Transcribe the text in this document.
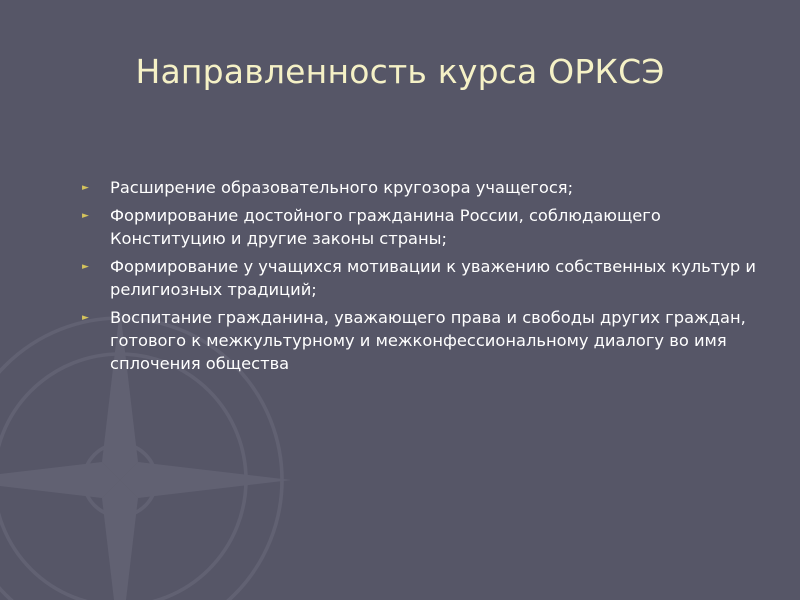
Направленность курса ОРКСЭ
► Расширение образовательного кругозора учащегося;
► Формирование достойного гражданина России, соблюдающего Конституцию и другие законы страны;
► Формирование у учащихся мотивации к уважению собственных культур и религиозных традиций;
► Воспитание гражданина, уважающего права и свободы других граждан, готового к межкультурному и межконфессиональному диалогу во имя сплочения общества
